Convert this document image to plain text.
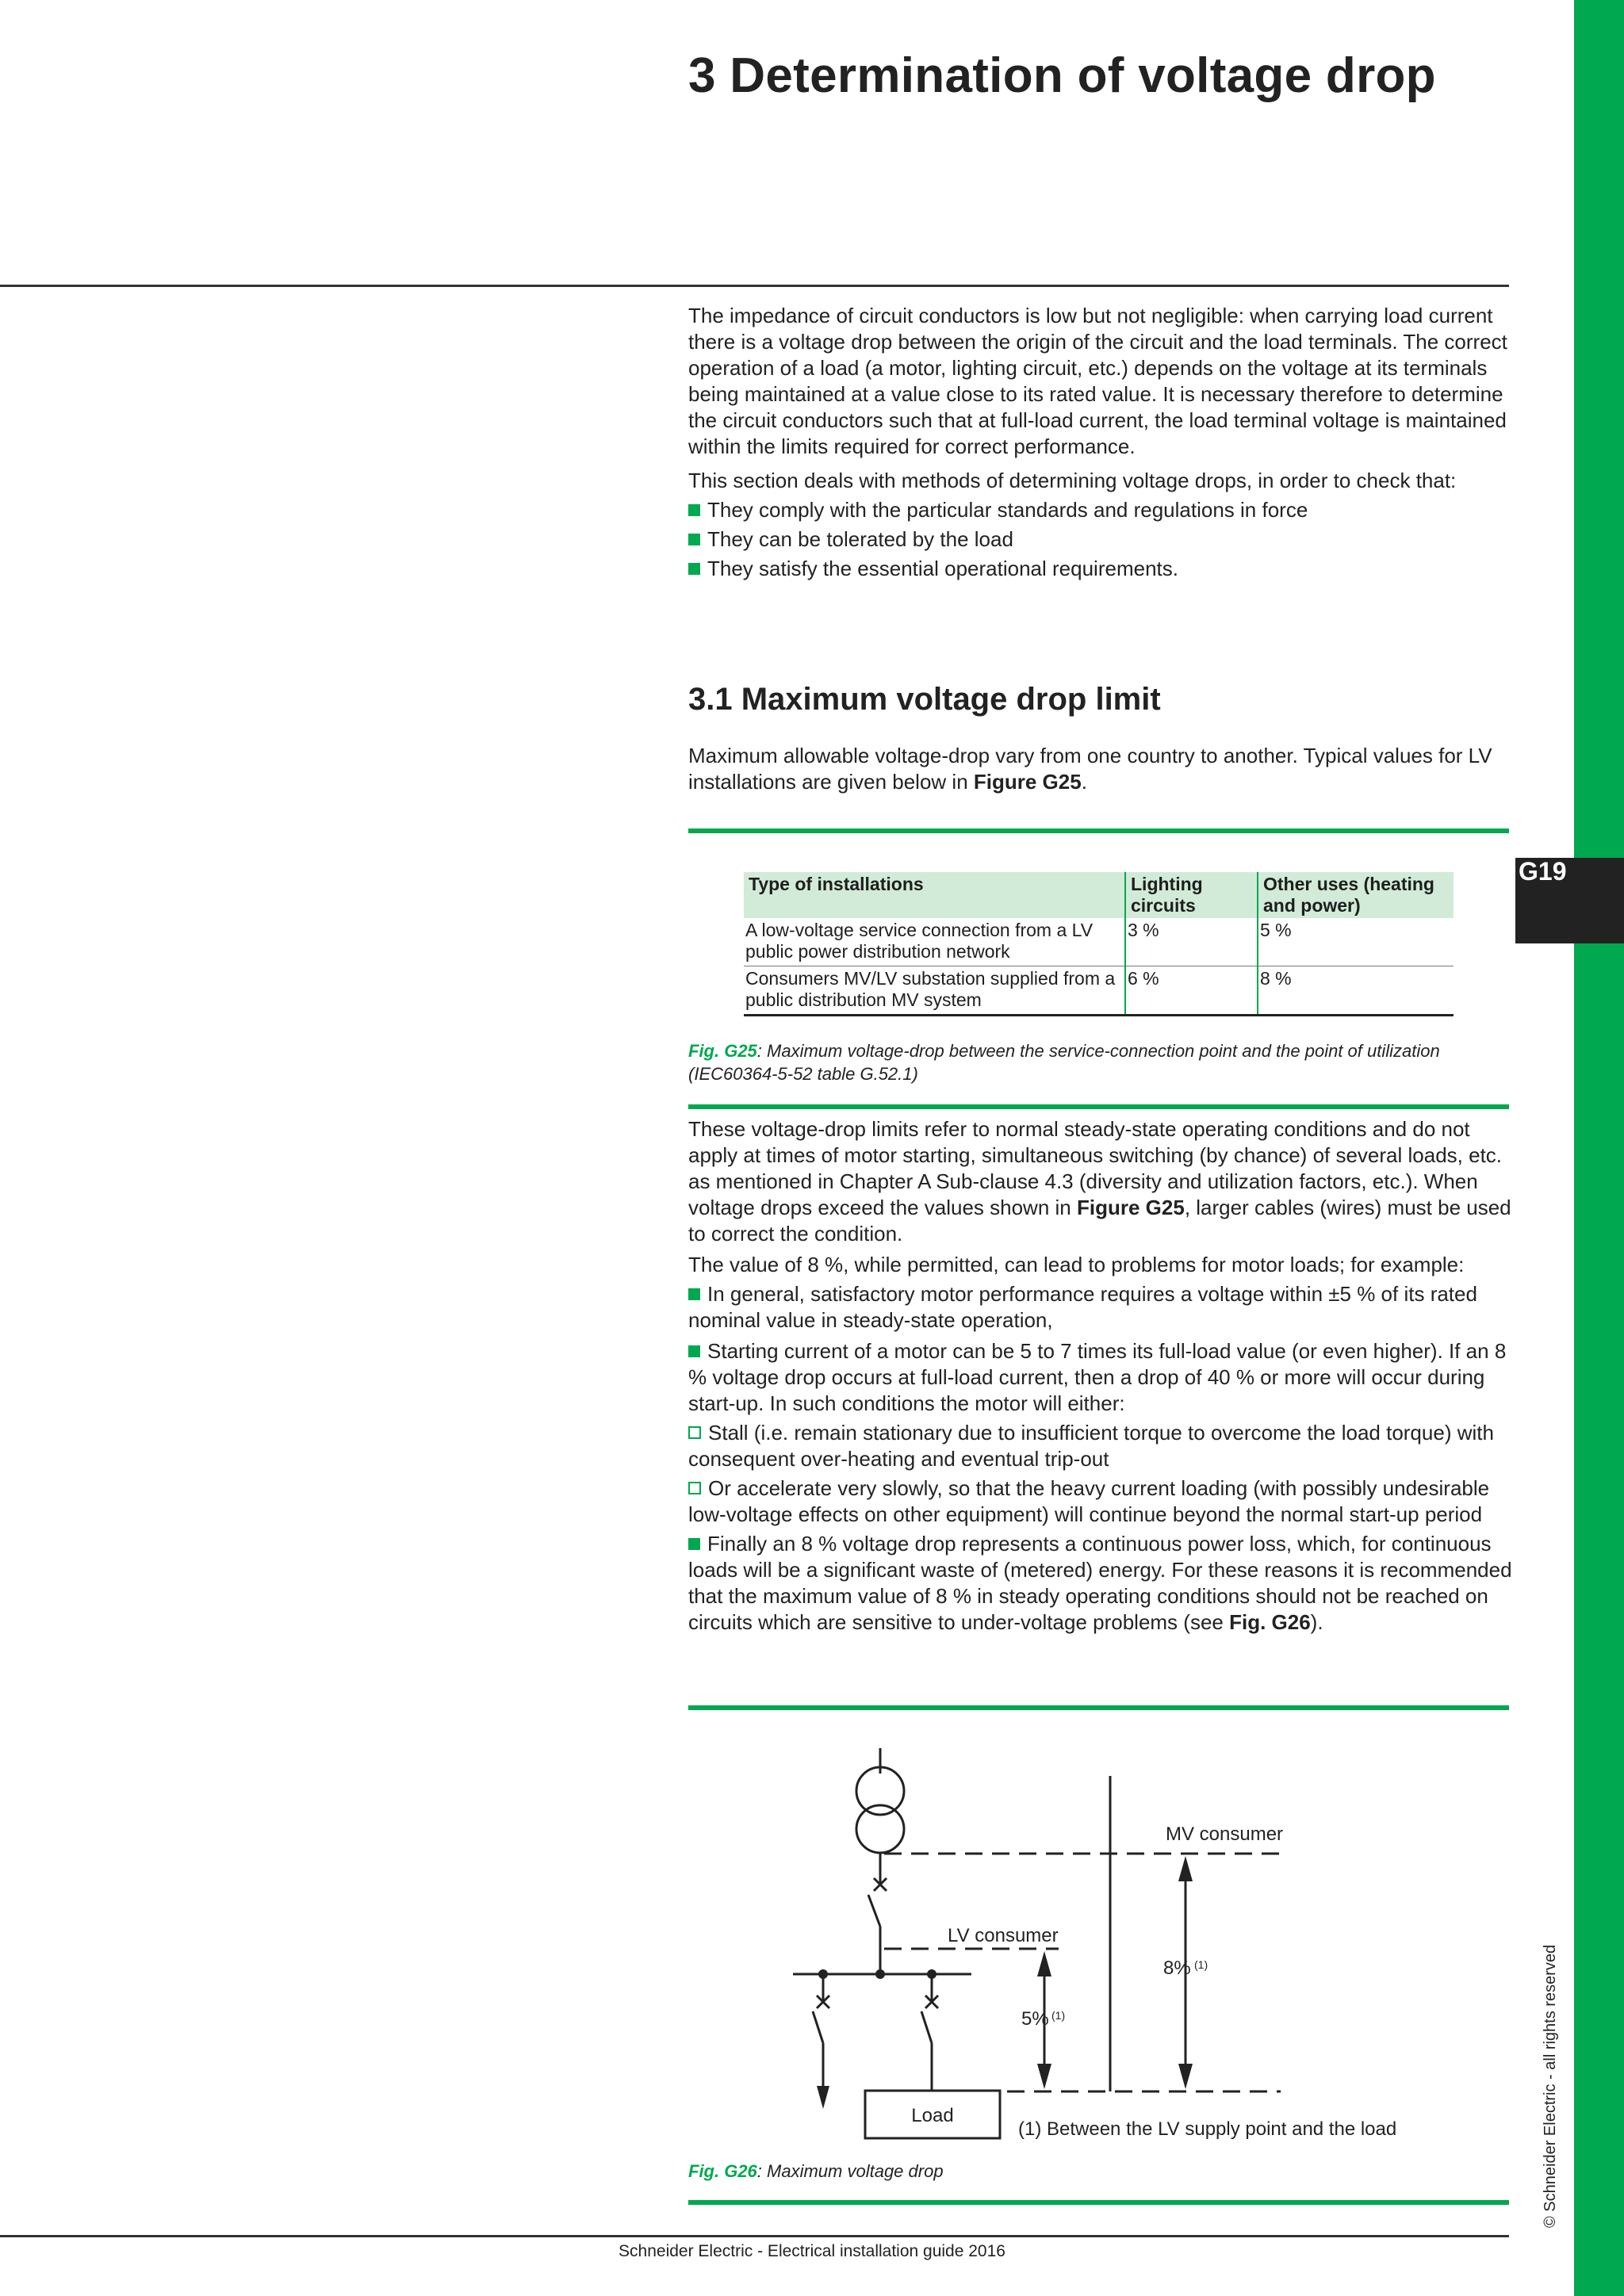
G19
© Schneider Electric - all rights reserved
3 Determination of voltage drop

The impedance of circuit conductors is low but not negligible: when carrying load current there is a voltage drop between the origin of the circuit and the load terminals. The correct operation of a load (a motor, lighting circuit, etc.) depends on the voltage at its terminals being maintained at a value close to its rated value. It is necessary therefore to determine the circuit conductors such that at full-load current, the load terminal voltage is maintained within the limits required for correct performance.

This section deals with methods of determining voltage drops, in order to check that:

They comply with the particular standards and regulations in force

They can be tolerated by the load

They satisfy the essential operational requirements.

3.1 Maximum voltage drop limit

Maximum allowable voltage-drop vary from one country to another. Typical values for LV installations are given below in Figure G25.

Type of installations	Lighting circuits	Other uses (heating and power)
A low-voltage service connection from a LV public power distribution network	3 %	5 %
Consumers MV/LV substation supplied from a public distribution MV system	6 %	8 %
Fig. G25: Maximum voltage-drop between the service-connection point and the point of utilization (IEC60364-5-52 table G.52.1)

These voltage-drop limits refer to normal steady-state operating conditions and do not apply at times of motor starting, simultaneous switching (by chance) of several loads, etc. as mentioned in Chapter A Sub-clause 4.3 (diversity and utilization factors, etc.). When voltage drops exceed the values shown in Figure G25, larger cables (wires) must be used to correct the condition.

The value of 8 %, while permitted, can lead to problems for motor loads; for example:

In general, satisfactory motor performance requires a voltage within ±5 % of its rated nominal value in steady-state operation,

Starting current of a motor can be 5 to 7 times its full-load value (or even higher). If an 8 % voltage drop occurs at full-load current, then a drop of 40 % or more will occur during start-up. In such conditions the motor will either:

Stall (i.e. remain stationary due to insufficient torque to overcome the load torque) with consequent over-heating and eventual trip-out

Or accelerate very slowly, so that the heavy current loading (with possibly undesirable low-voltage effects on other equipment) will continue beyond the normal start-up period

Finally an 8 % voltage drop represents a continuous power loss, which, for continuous loads will be a significant waste of (metered) energy. For these reasons it is recommended that the maximum value of 8 % in steady operating conditions should not be reached on circuits which are sensitive to under-voltage problems (see Fig. G26).

MV consumer
LV consumer
8% (1)
5% (1)
Load
(1) Between the LV supply point and the load
Fig. G26: Maximum voltage drop
Schneider Electric - Electrical installation guide 2016
